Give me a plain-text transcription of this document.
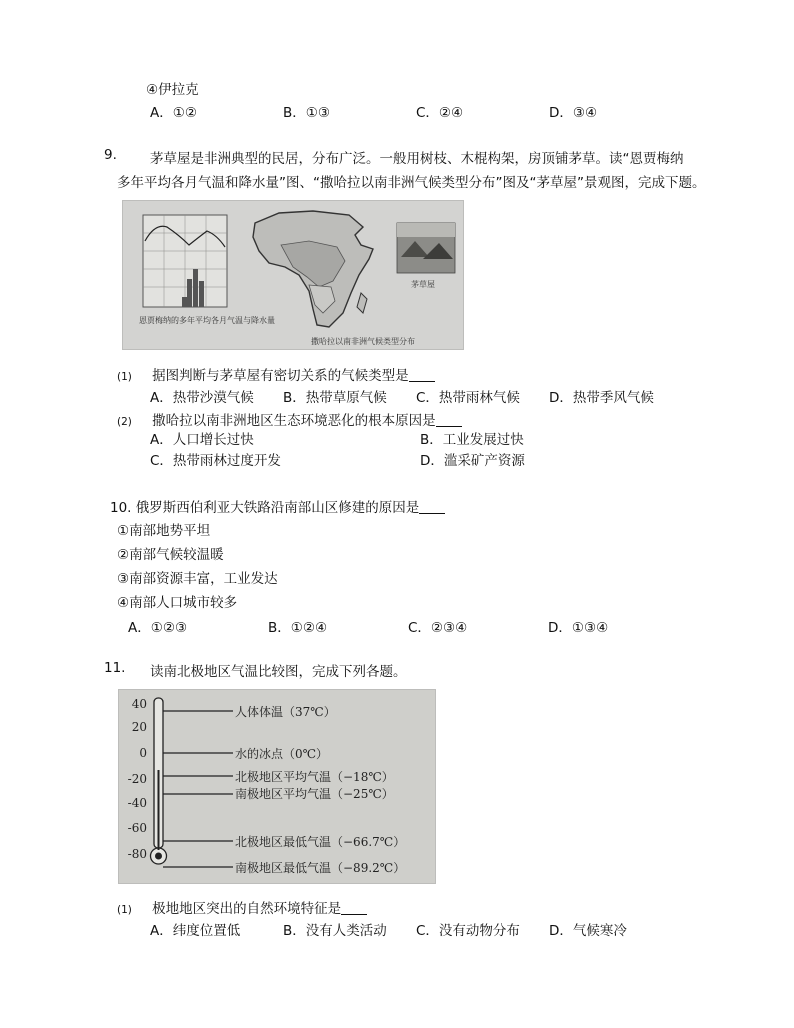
④伊拉克
A．①②	B．①③	C．②④	D．③④
9. 茅草屋是非洲典型的民居，分布广泛。一般用树枝、木棍构架，房顶铺茅草。读“恩贾梅纳
多年平均各月气温和降水量”图、“撒哈拉以南非洲气候类型分布”图及“茅草屋”景观图，完成下题。
恩贾梅纳的多年平均各月气温与降水量
撒哈拉以南非洲气候类型分布
茅草屋
(1) 据图判断与茅草屋有密切关系的气候类型是
A．热带沙漠气候	B．热带草原气候	C．热带雨林气候	D．热带季风气候
(2) 撒哈拉以南非洲地区生态环境恶化的根本原因是
A．人口增长过快	B．工业发展过快
C．热带雨林过度开发	D．滥采矿产资源
10. 俄罗斯西伯利亚大铁路沿南部山区修建的原因是
①南部地势平坦
②南部气候较温暖
③南部资源丰富，工业发达
④南部人口城市较多
A．①②③	B．①②④	C．②③④	D．①③④
11. 读南北极地区气温比较图，完成下列各题。
40
20
0
-20
-40
-60
-80
人体体温（37℃）
水的冰点（0℃）
北极地区平均气温（−18℃）
南极地区平均气温（−25℃）
北极地区最低气温（−66.7℃）
南极地区最低气温（−89.2℃）
(1) 极地地区突出的自然环境特征是
A．纬度位置低	B．没有人类活动	C．没有动物分布	D．气候寒冷
